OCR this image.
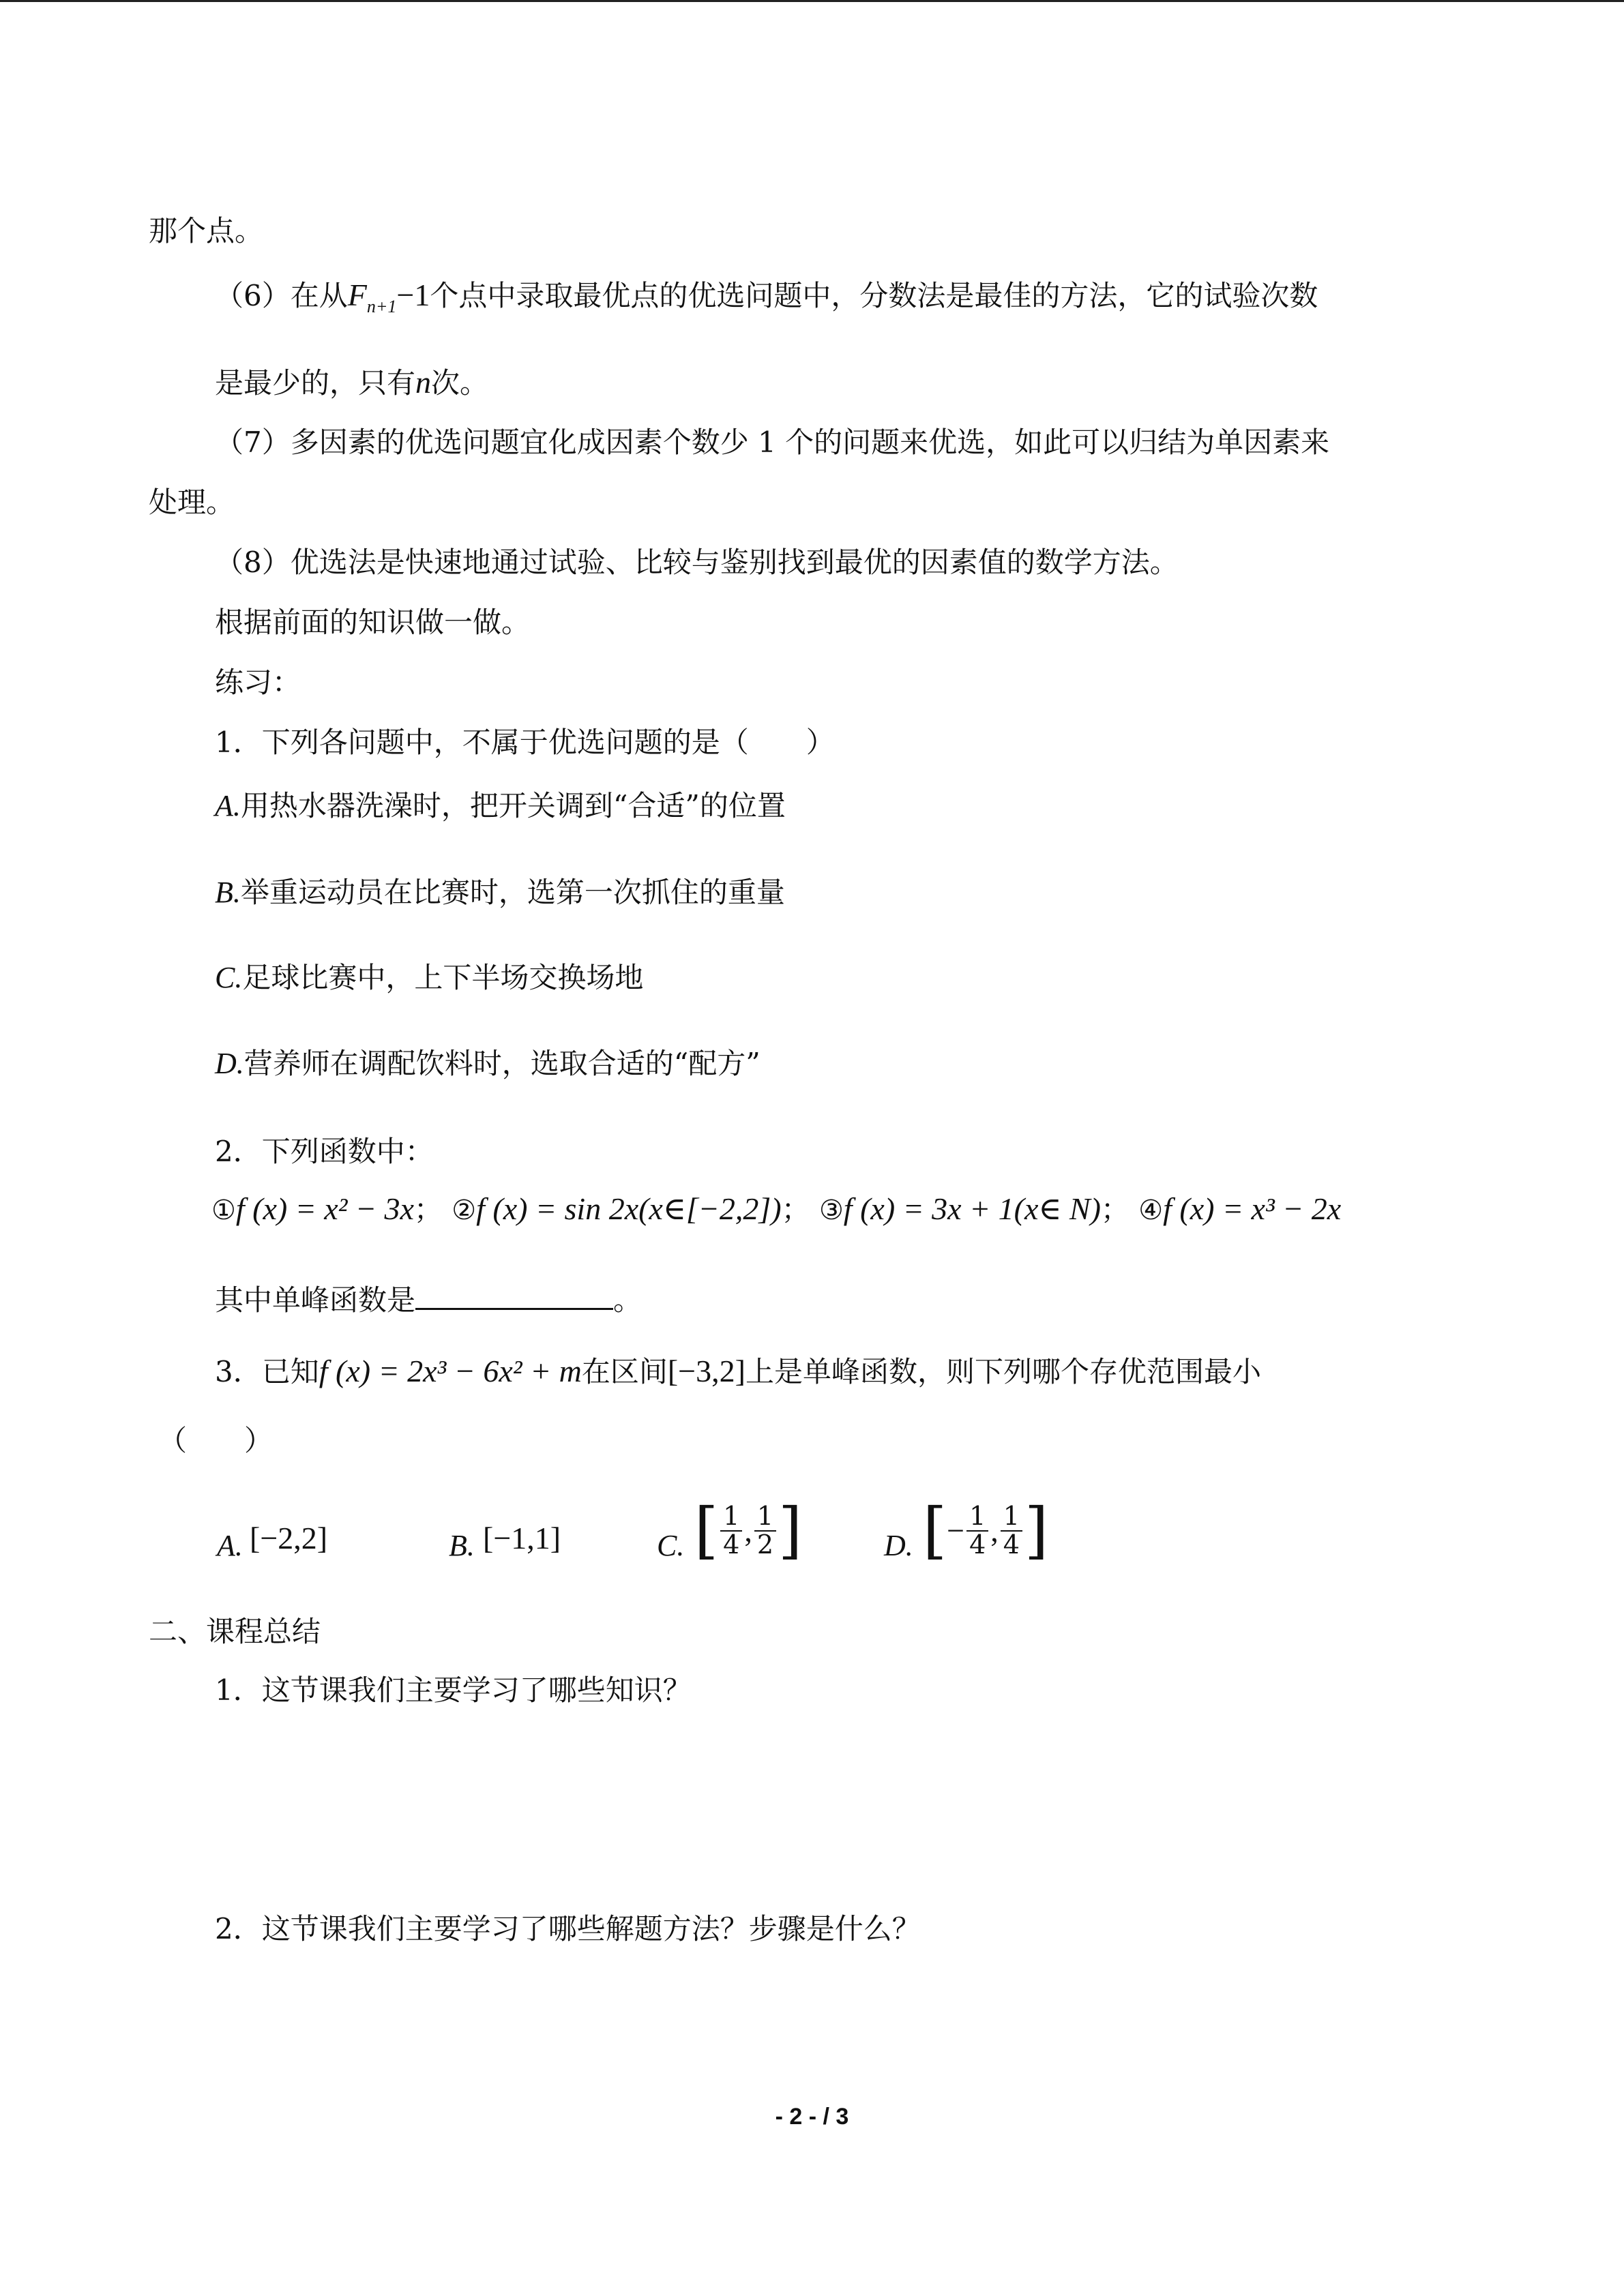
那个点。
（6）在从$F_{n+1}-1$个点中录取最优点的优选问题中，分数法是最佳的方法，它的试验次数
是最少的，只有n次。
（7）多因素的优选问题宜化成因素个数少 1 个的问题来优选，如此可以归结为单因素来
处理。
（8）优选法是快速地通过试验、比较与鉴别找到最优的因素值的数学方法。
根据前面的知识做一做。
练习：
1．下列各问题中，不属于优选问题的是（　　）
A.用热水器洗澡时，把开关调到“合适”的位置
B.举重运动员在比赛时，选第一次抓住的重量
C.足球比赛中，上下半场交换场地
D.营养师在调配饮料时，选取合适的“配方”
2．下列函数中：
①f (x) = x² − 3x； ②f (x) = sin 2x(x∈[−2,2])； ③f (x) = 3x + 1(x∈ N)； ④f (x) = x³ − 2x
其中单峰函数是	。
3．已知f (x) = 2x³ − 6x² + m在区间[−3,2]上是单峰函数，则下列哪个存优范围最小
（　　）
A. [−2,2]	B. [−1,1]	C. [ $\frac{1}{4}$ , $\frac{1}{2}$ ]	D. [ − $\frac{1}{4}$ , $\frac{1}{4}$ ]
二、课程总结
1．这节课我们主要学习了哪些知识？
2．这节课我们主要学习了哪些解题方法？步骤是什么？
- 2 - / 3
